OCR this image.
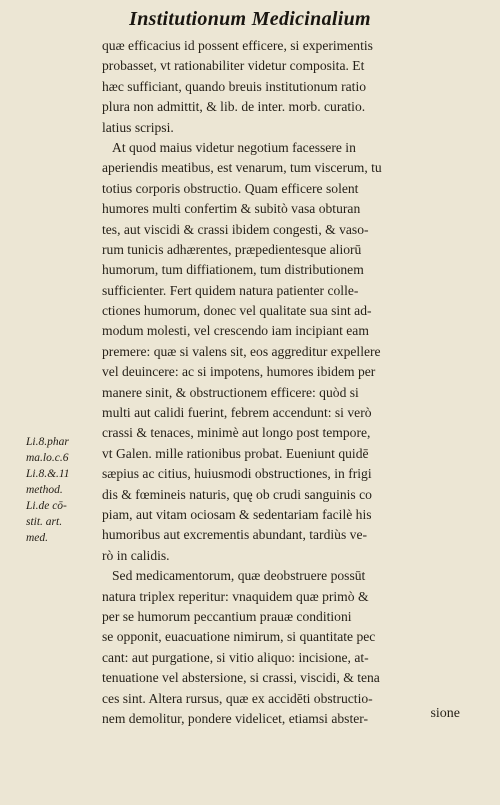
Institutionum Medicinalium
quæ efficacius id possent efficere, si experimentis
probasset, vt rationabiliter videtur composita. Et
hæc sufficiant, quando breuis institutionum ratio
plura non admittit, & lib. de inter. morb. curatio.
latius scripsi.
At quod maius videtur negotium facessere in
aperiendis meatibus, est venarum, tum viscerum, tu
totius corporis obstructio. Quam efficere solent
humores multi confertim & subitò vasa obturan
tes, aut viscidi & crassi ibidem congesti, & vaso-
rum tunicis adhærentes, præpedientesque aliorū
humorum, tum diffiationem, tum distributionem
sufficienter. Fert quidem natura patienter colle-
ctiones humorum, donec vel qualitate sua sint ad-
modum molesti, vel crescendo iam incipiant eam
premere: quæ si valens sit, eos aggreditur expellere
vel deuincere: ac si impotens, humores ibidem per
manere sinit, & obstructionem efficere: quòd si
multi aut calidi fuerint, febrem accendunt: si verò
crassi & tenaces, minimè aut longo post tempore,
vt Galen. mille rationibus probat. Eueniunt quidē
sæpius ac citius, huiusmodi obstructiones, in frigi
dis & fœmineis naturis, quę ob crudi sanguinis co
piam, aut vitam ociosam & sedentariam facilè his
humoribus aut excrementis abundant, tardiùs ve-
rò in calidis.
Sed medicamentorum, quæ deobstruere possūt
natura triplex reperitur: vnaquidem quæ primò &
per se humorum peccantium prauæ conditioni
se opponit, euacuatione nimirum, si quantitate pec
cant: aut purgatione, si vitio aliquo: incisione, at-
tenuatione vel abstersione, si crassi, viscidi, & tena
ces sint. Altera rursus, quæ ex accidēti obstructio-
nem demolitur, pondere videlicet, etiamsi abster-
Li.8.phar
ma.lo.c.6
Li.8.&.11
method.
Li.de cō-
stit. art.
med.
sione
